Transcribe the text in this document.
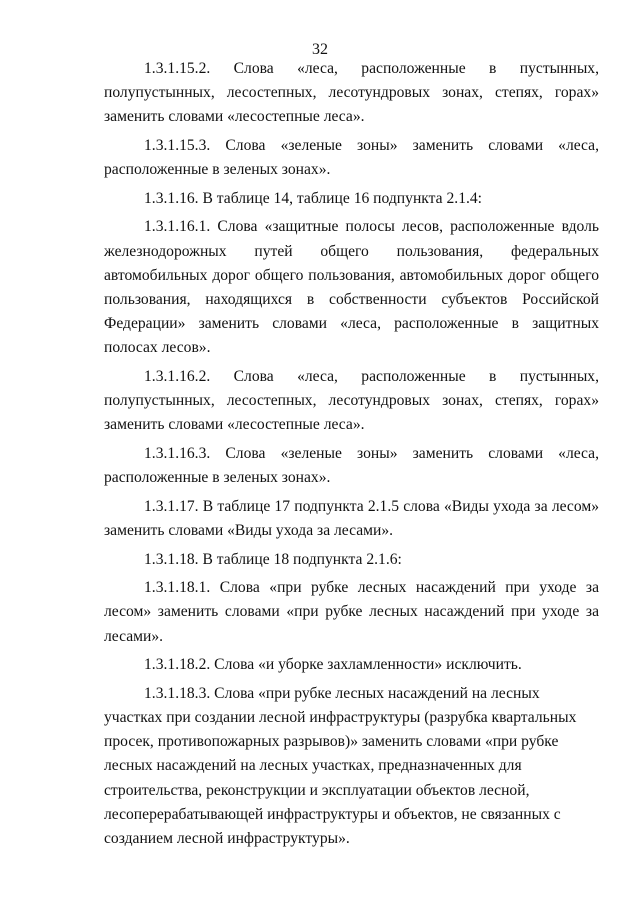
32

1.3.1.15.2. Слова «леса, расположенные в пустынных, полупустынных, лесостепных, лесотундровых зонах, степях, горах» заменить словами «лесостепные леса».

1.3.1.15.3. Слова «зеленые зоны» заменить словами «леса, расположенные в зеленых зонах».

1.3.1.16. В таблице 14, таблице 16 подпункта 2.1.4:

1.3.1.16.1. Слова «защитные полосы лесов, расположенные вдоль железнодорожных путей общего пользования, федеральных автомобильных дорог общего пользования, автомобильных дорог общего пользования, находящихся в собственности субъектов Российской Федерации» заменить словами «леса, расположенные в защитных полосах лесов».

1.3.1.16.2. Слова «леса, расположенные в пустынных, полупустынных, лесостепных, лесотундровых зонах, степях, горах» заменить словами «лесостепные леса».

1.3.1.16.3. Слова «зеленые зоны» заменить словами «леса, расположенные в зеленых зонах».

1.3.1.17. В таблице 17 подпункта 2.1.5 слова «Виды ухода за лесом» заменить словами «Виды ухода за лесами».

1.3.1.18. В таблице 18 подпункта 2.1.6:

1.3.1.18.1. Слова «при рубке лесных насаждений при уходе за лесом» заменить словами «при рубке лесных насаждений при уходе за лесами».

1.3.1.18.2. Слова «и уборке захламленности» исключить.

1.3.1.18.3. Слова «при рубке лесных насаждений на лесных участках при создании лесной инфраструктуры (разрубка квартальных просек, противопожарных разрывов)» заменить словами «при рубке лесных насаждений на лесных участках, предназначенных для строительства, реконструкции и эксплуатации объектов лесной, лесоперерабатывающей инфраструктуры и объектов, не связанных с созданием лесной инфраструктуры».
